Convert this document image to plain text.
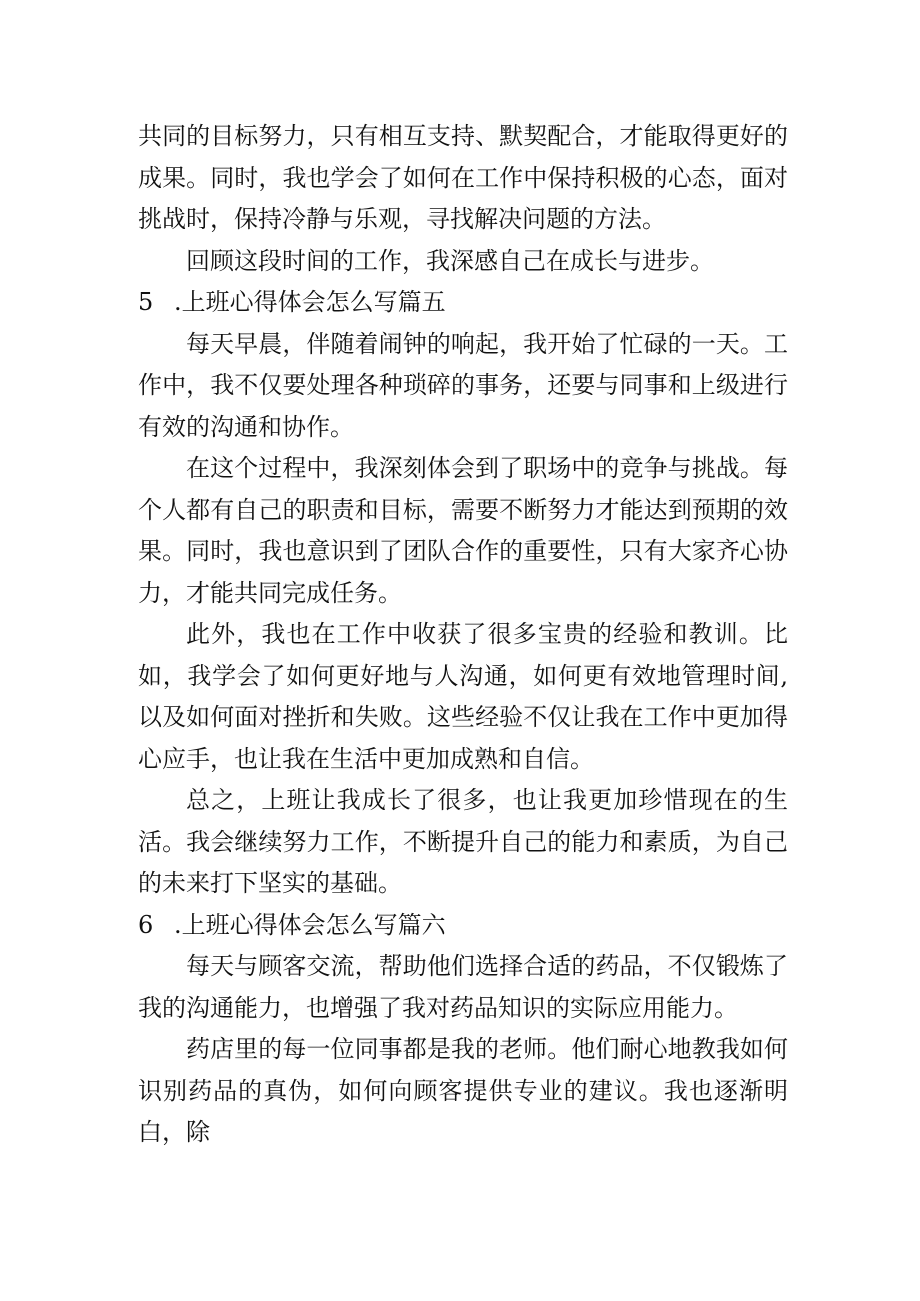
共同的目标努力，只有相互支持、默契配合，才能取得更好的成果。同时，我也学会了如何在工作中保持积极的心态，面对挑战时，保持冷静与乐观，寻找解决问题的方法。

回顾这段时间的工作，我深感自己在成长与进步。

5 .上班心得体会怎么写篇五

每天早晨，伴随着闹钟的响起，我开始了忙碌的一天。工作中，我不仅要处理各种琐碎的事务，还要与同事和上级进行有效的沟通和协作。

在这个过程中，我深刻体会到了职场中的竞争与挑战。每个人都有自己的职责和目标，需要不断努力才能达到预期的效果。同时，我也意识到了团队合作的重要性，只有大家齐心协力，才能共同完成任务。

此外，我也在工作中收获了很多宝贵的经验和教训。比如，我学会了如何更好地与人沟通，如何更有效地管理时间,以及如何面对挫折和失败。这些经验不仅让我在工作中更加得心应手，也让我在生活中更加成熟和自信。

总之，上班让我成长了很多，也让我更加珍惜现在的生活。我会继续努力工作，不断提升自己的能力和素质，为自己的未来打下坚实的基础。

6 .上班心得体会怎么写篇六

每天与顾客交流，帮助他们选择合适的药品，不仅锻炼了我的沟通能力，也增强了我对药品知识的实际应用能力。

药店里的每一位同事都是我的老师。他们耐心地教我如何识别药品的真伪，如何向顾客提供专业的建议。我也逐渐明白，除
